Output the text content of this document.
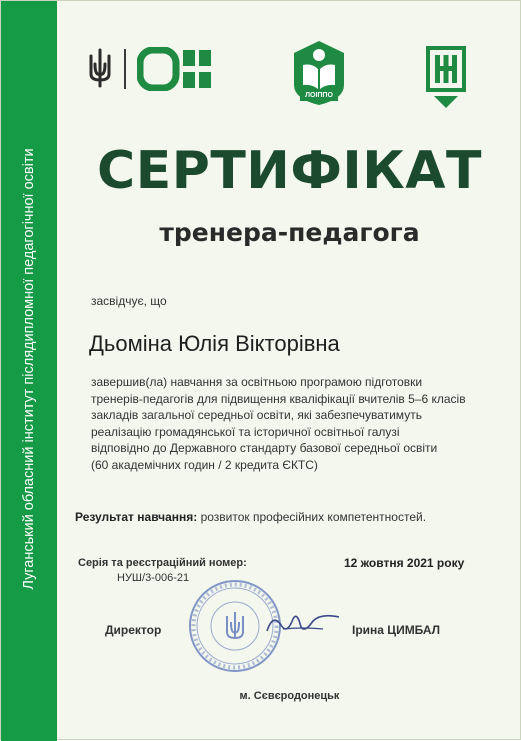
Луганський обласний інститут післядипломної педагогічної освіти
ЛОІППО
СЕРТИФІКАТ
тренера-педагога
засвідчує, що
Дьоміна Юлія Вікторівна
завершив(ла) навчання за освітньою програмою підготовки
тренерів-педагогів для підвищення кваліфікації вчителів 5–6 класів
закладів загальної середньої освіти, які забезпечуватимуть
реалізацію громадянської та історичної освітньої галузі
відповідно до Державного стандарту базової середньої освіти
(60 академічних годин / 2 кредита ЄКТС)
Результат навчання: розвиток професійних компетентностей.
Серія та реєстраційний номер:
НУШ/3-006-21
12 жовтня 2021 року
Директор	Ірина ЦИМБАЛ
м. Сєвєродонецьк
